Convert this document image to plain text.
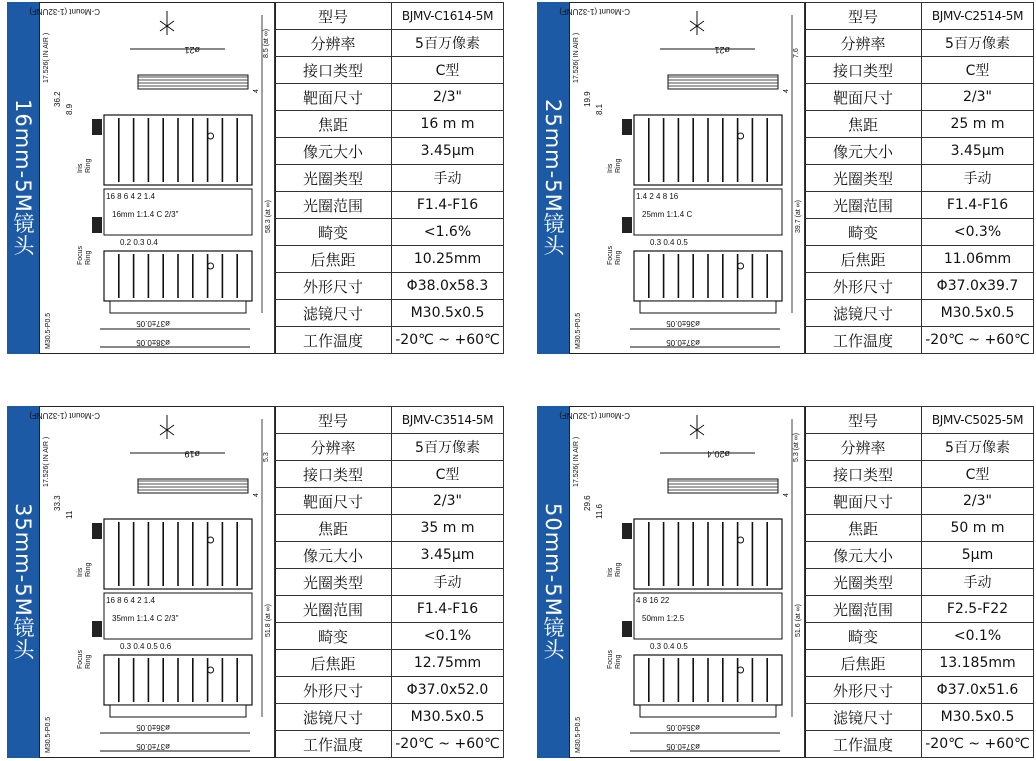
16mm-5M镜头
C-Mount (1-32UNF)
17.526( IN AIR )	ø21
16 8 6 4 2 1.4
16mm 1:1.4 C 2/3"
0.2 0.3 0.4
Iris Ring
Focus Ring
36.2
8.9
M30.5-P0.5
8.5 (at ∞)
4
58.3 (at ∞)
ø37±0.05
ø38±0.05
型号	BJMV-C1614-5M
分辨率	5百万像素
接口类型	C型
靶面尺寸	2/3"
焦距	16 m m
像元大小	3.45μm
光圈类型	手动
光圈范围	F1.4-F16
畸变	<1.6%
后焦距	10.25mm
外形尺寸	Φ38.0x58.3
滤镜尺寸	M30.5x0.5
工作温度	-20℃ ~ +60℃
25mm-5M镜头
C-Mount (1-32UNF)
17.526( IN AIR )	ø21
1.4 2 4 8 16
25mm 1:1.4 C
0.3 0.4 0.5
Iris Ring
Focus Ring
19.9
8.1
M30.5-P0.5
7.6
4
39.7 (at ∞)
ø36±0.05
ø37±0.05
型号	BJMV-C2514-5M
分辨率	5百万像素
接口类型	C型
靶面尺寸	2/3"
焦距	25 m m
像元大小	3.45μm
光圈类型	手动
光圈范围	F1.4-F16
畸变	<0.3%
后焦距	11.06mm
外形尺寸	Φ37.0x39.7
滤镜尺寸	M30.5x0.5
工作温度	-20℃ ~ +60℃
35mm-5M镜头
C-Mount (1-32UNF)
17.526( IN AIR )	ø19
16 8 6 4 2 1.4
35mm 1:1.4 C 2/3"
0.3 0.4 0.5 0.6
Iris Ring
Focus Ring
33.3
11
M30.5-P0.5
5.3
4
51.8 (at ∞)
ø36±0.05
ø37±0.05
型号	BJMV-C3514-5M
分辨率	5百万像素
接口类型	C型
靶面尺寸	2/3"
焦距	35 m m
像元大小	3.45μm
光圈类型	手动
光圈范围	F1.4-F16
畸变	<0.1%
后焦距	12.75mm
外形尺寸	Φ37.0x52.0
滤镜尺寸	M30.5x0.5
工作温度	-20℃ ~ +60℃
50mm-5M镜头
C-Mount (1-32UNF)
17.526( IN AIR )	ø20.4
4 8 16 22
50mm 1:2.5
0.3 0.4 0.5
Iris Ring
Focus Ring
29.6
11.6
M30.5-P0.5
5.3 (at ∞)
4
51.6 (at ∞)
ø35±0.05
ø37±0.05
型号	BJMV-C5025-5M
分辨率	5百万像素
接口类型	C型
靶面尺寸	2/3"
焦距	50 m m
像元大小	5μm
光圈类型	手动
光圈范围	F2.5-F22
畸变	<0.1%
后焦距	13.185mm
外形尺寸	Φ37.0x51.6
滤镜尺寸	M30.5x0.5
工作温度	-20℃ ~ +60℃
